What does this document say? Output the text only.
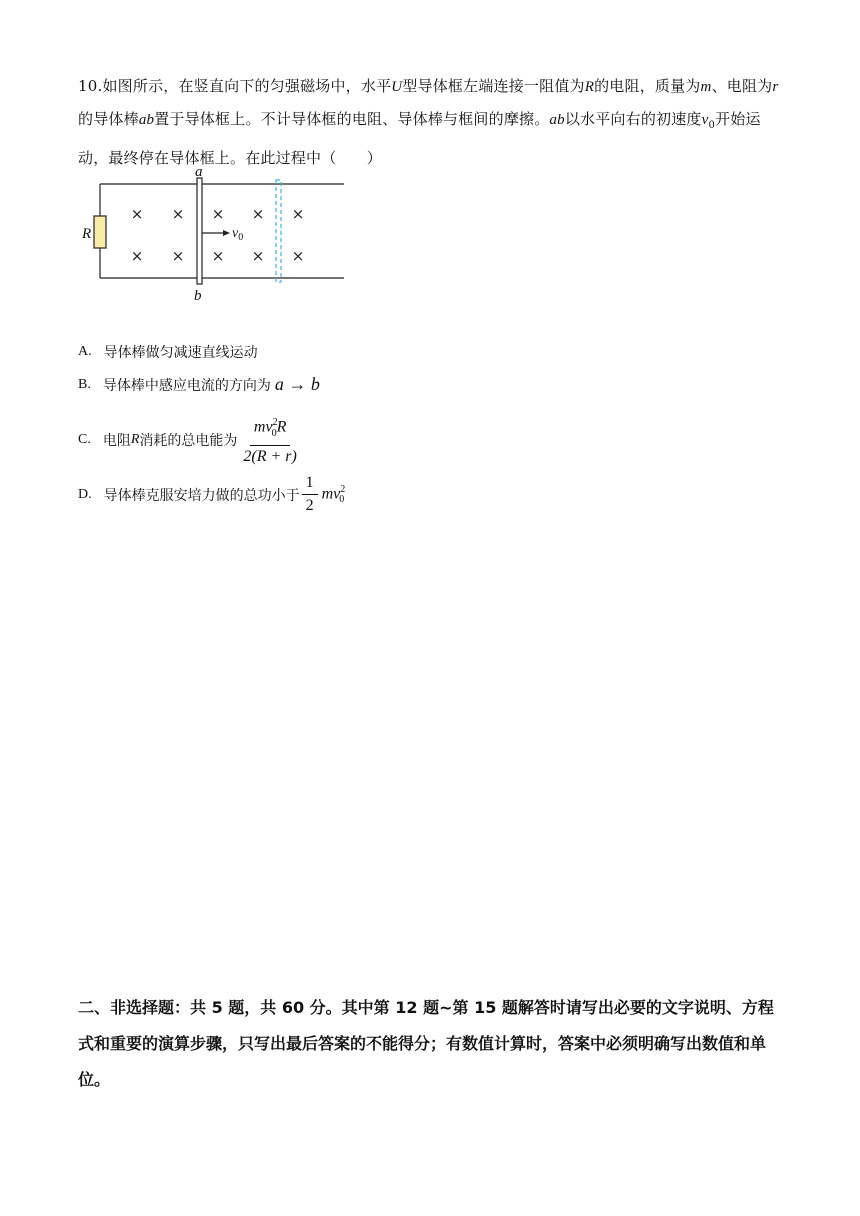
10.如图所示，在竖直向下的匀强磁场中，水平U型导体框左端连接一阻值为R的电阻，质量为m、电阻为r的导体棒ab置于导体框上。不计导体框的电阻、导体棒与框间的摩擦。ab以水平向右的初速度$v_0$开始运动，最终停在导体框上。在此过程中（　　）
R
× × × × ×
× × × × ×
a
b
$v_0$
A. 导体棒做匀减速直线运动
B. 导体棒中感应电流的方向为 a → b
C. 电阻 R 消耗的总电能为 $\frac{mv^2_0R}{2(R + r)}$
D. 导体棒克服安培力做的总功小于 $\frac{1}{2} mv^2_0$
二、非选择题：共 5 题，共 60 分。其中第 12 题~第 15 题解答时请写出必要的文字说明、方程式和重要的演算步骤，只写出最后答案的不能得分；有数值计算时，答案中必须明确写出数值和单位。
